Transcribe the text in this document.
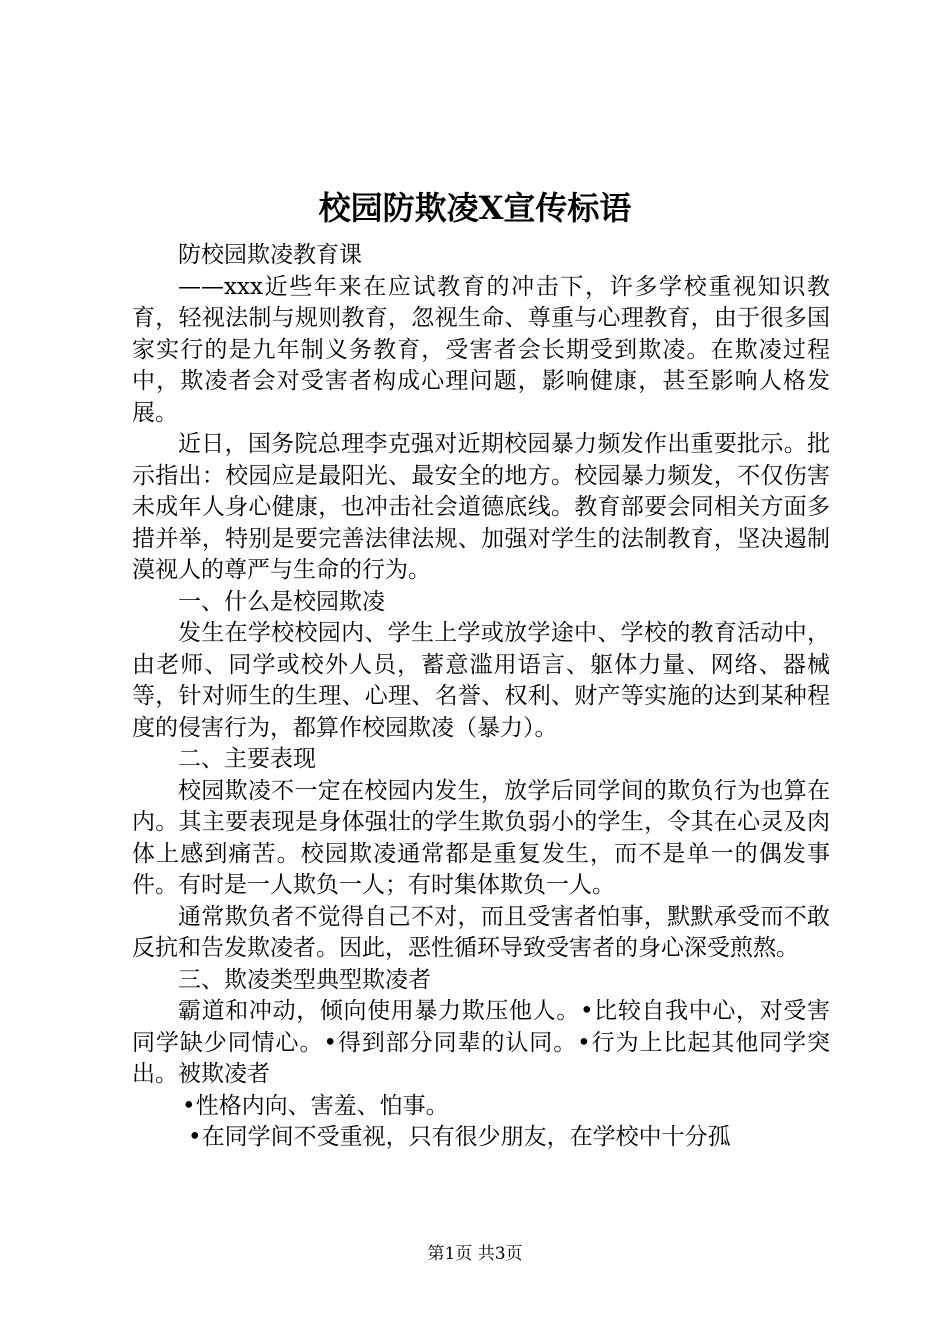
校园防欺凌X宣传标语

防校园欺凌教育课

——xxx近些年来在应试教育的冲击下，许多学校重视知识教育，轻视法制与规则教育，忽视生命、尊重与心理教育，由于很多国家实行的是九年制义务教育，受害者会长期受到欺凌。在欺凌过程中，欺凌者会对受害者构成心理问题，影响健康，甚至影响人格发展。

近日，国务院总理李克强对近期校园暴力频发作出重要批示。批示指出：校园应是最阳光、最安全的地方。校园暴力频发，不仅伤害未成年人身心健康，也冲击社会道德底线。教育部要会同相关方面多措并举，特别是要完善法律法规、加强对学生的法制教育，坚决遏制漠视人的尊严与生命的行为。

一、什么是校园欺凌

发生在学校校园内、学生上学或放学途中、学校的教育活动中，由老师、同学或校外人员，蓄意滥用语言、躯体力量、网络、器械等，针对师生的生理、心理、名誉、权利、财产等实施的达到某种程度的侵害行为，都算作校园欺凌（暴力）。

二、主要表现

校园欺凌不一定在校园内发生，放学后同学间的欺负行为也算在内。其主要表现是身体强壮的学生欺负弱小的学生，令其在心灵及肉体上感到痛苦。校园欺凌通常都是重复发生，而不是单一的偶发事件。有时是一人欺负一人；有时集体欺负一人。

通常欺负者不觉得自己不对，而且受害者怕事，默默承受而不敢反抗和告发欺凌者。因此，恶性循环导致受害者的身心深受煎熬。

三、欺凌类型典型欺凌者

霸道和冲动，倾向使用暴力欺压他人。•比较自我中心，对受害同学缺少同情心。•得到部分同辈的认同。•行为上比起其他同学突出。被欺凌者

•性格内向、害羞、怕事。

•在同学间不受重视，只有很少朋友，在学校中十分孤

第1页 共3页
